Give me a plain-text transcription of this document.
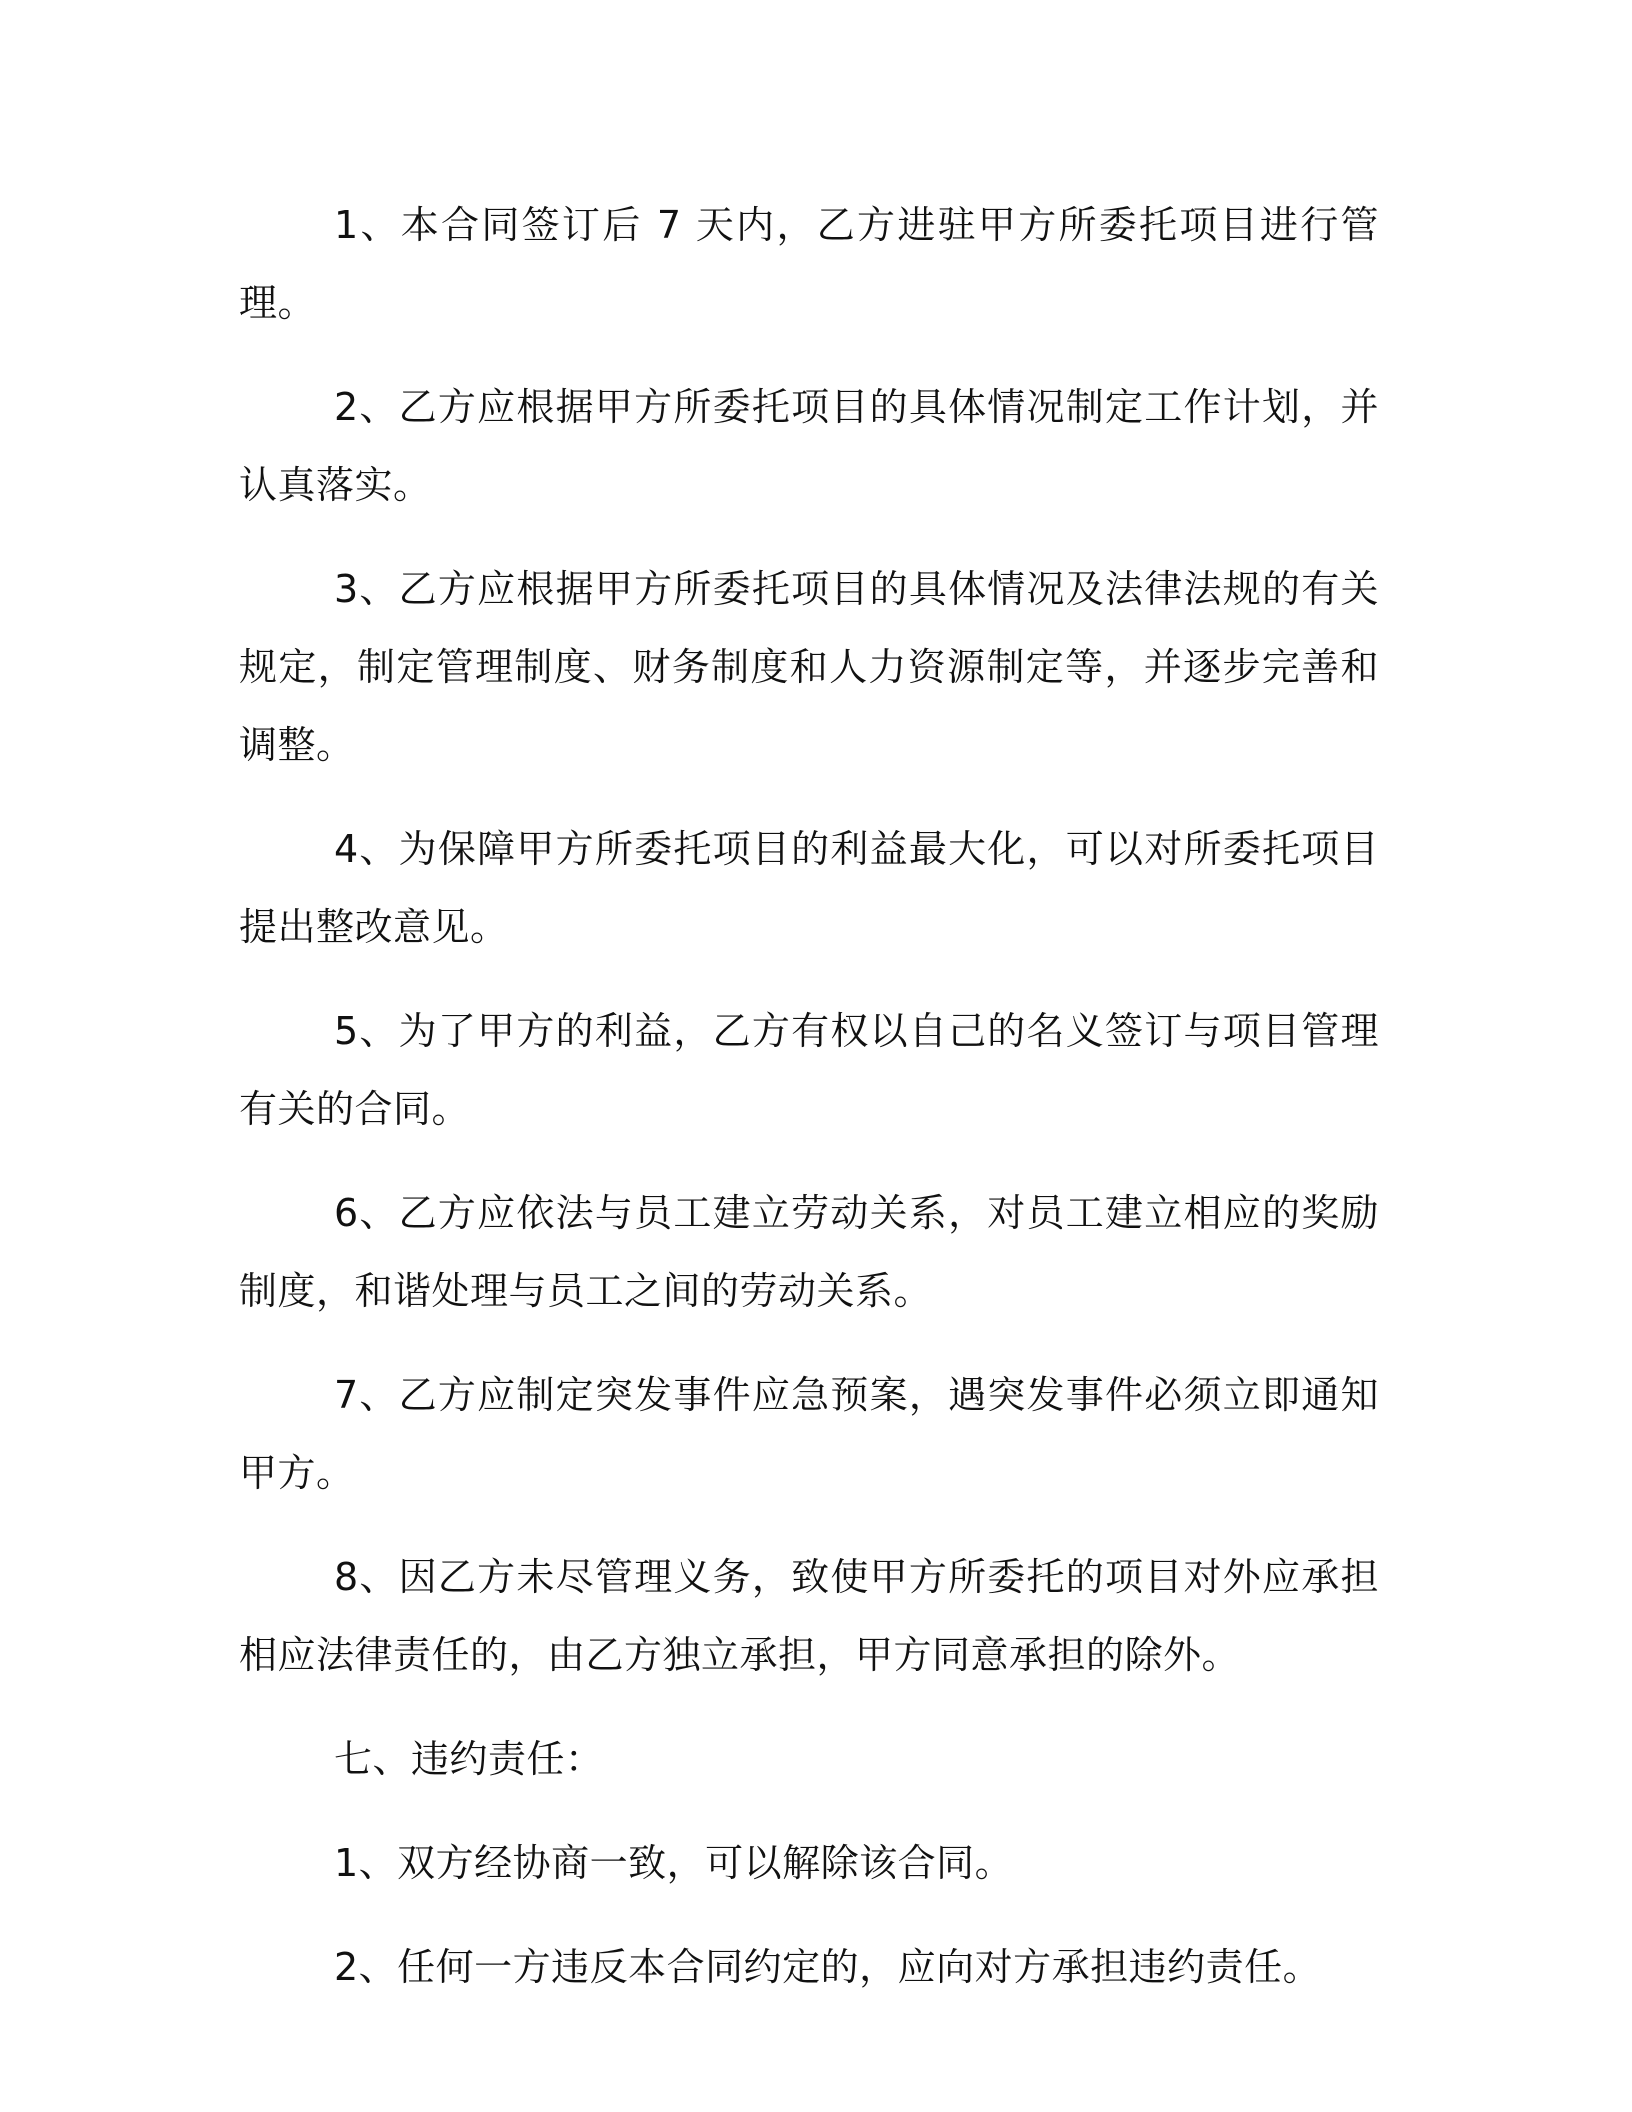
1、本合同签订后 7 天内，乙方进驻甲方所委托项目进行管理。

2、乙方应根据甲方所委托项目的具体情况制定工作计划，并认真落实。

3、乙方应根据甲方所委托项目的具体情况及法律法规的有关规定，制定管理制度、财务制度和人力资源制定等，并逐步完善和调整。

4、为保障甲方所委托项目的利益最大化，可以对所委托项目提出整改意见。

5、为了甲方的利益，乙方有权以自己的名义签订与项目管理有关的合同。

6、乙方应依法与员工建立劳动关系，对员工建立相应的奖励制度，和谐处理与员工之间的劳动关系。

7、乙方应制定突发事件应急预案，遇突发事件必须立即通知甲方。

8、因乙方未尽管理义务，致使甲方所委托的项目对外应承担相应法律责任的，由乙方独立承担，甲方同意承担的除外。

七、违约责任：

1、双方经协商一致，可以解除该合同。

2、任何一方违反本合同约定的，应向对方承担违约责任。
